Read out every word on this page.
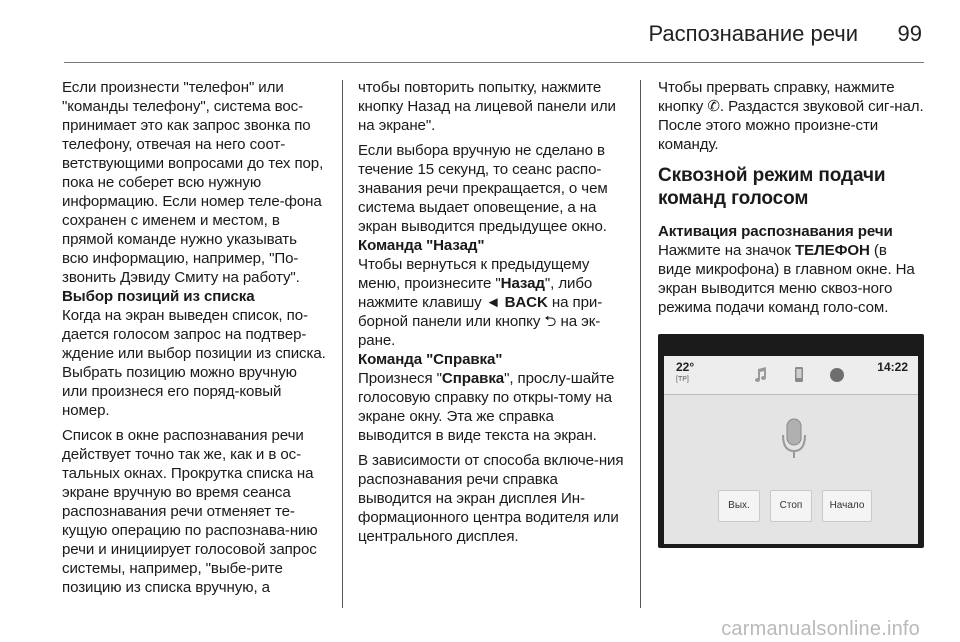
Распознавание речи 99

Если произнести "телефон" или "команды телефону", система вос-принимает это как запрос звонка по телефону, отвечая на него соот-ветствующими вопросами до тех пор, пока не соберет всю нужную информацию. Если номер теле-фона сохранен с именем и местом, в прямой команде нужно указывать всю информацию, например, "По-звонить Дэвиду Смиту на работу".

Выбор позиций из списка
Когда на экран выведен список, по-дается голосом запрос на подтвер-ждение или выбор позиции из списка. Выбрать позицию можно вручную или произнеся его поряд-ковый номер.

Список в окне распознавания речи действует точно так же, как и в ос-тальных окнах. Прокрутка списка на экране вручную во время сеанса распознавания речи отменяет те-кущую операцию по распознава-нию речи и инициирует голосовой запрос системы, например, "выбе-рите позицию из списка вручную, а

чтобы повторить попытку, нажмите кнопку Назад на лицевой панели или на экране".

Если выбора вручную не сделано в течение 15 секунд, то сеанс распо-знавания речи прекращается, о чем система выдает оповещение, а на экран выводится предыдущее окно.

Команда "Назад"
Чтобы вернуться к предыдущему меню, произнесите "Назад", либо нажмите клавишу ◄ BACK на при-борной панели или кнопку ⮌ на эк-ране.

Команда "Справка"
Произнеся "Справка", прослу-шайте голосовую справку по откры-тому на экране окну. Эта же справка выводится в виде текста на экран.

В зависимости от способа включе-ния распознавания речи справка выводится на экран дисплея Ин-формационного центра водителя или центрального дисплея.

Чтобы прервать справку, нажмите кнопку ✆. Раздастся звуковой сиг-нал. После этого можно произне-сти команду.

Сквозной режим подачи команд голосом

Активация распознавания речи
Нажмите на значок ТЕЛЕФОН (в виде микрофона) в главном окне. На экран выводится меню сквоз-ного режима подачи команд голо-сом.

22°
[TP]
14:22
Вых.	Стоп	Начало
carmanualsonline.info
